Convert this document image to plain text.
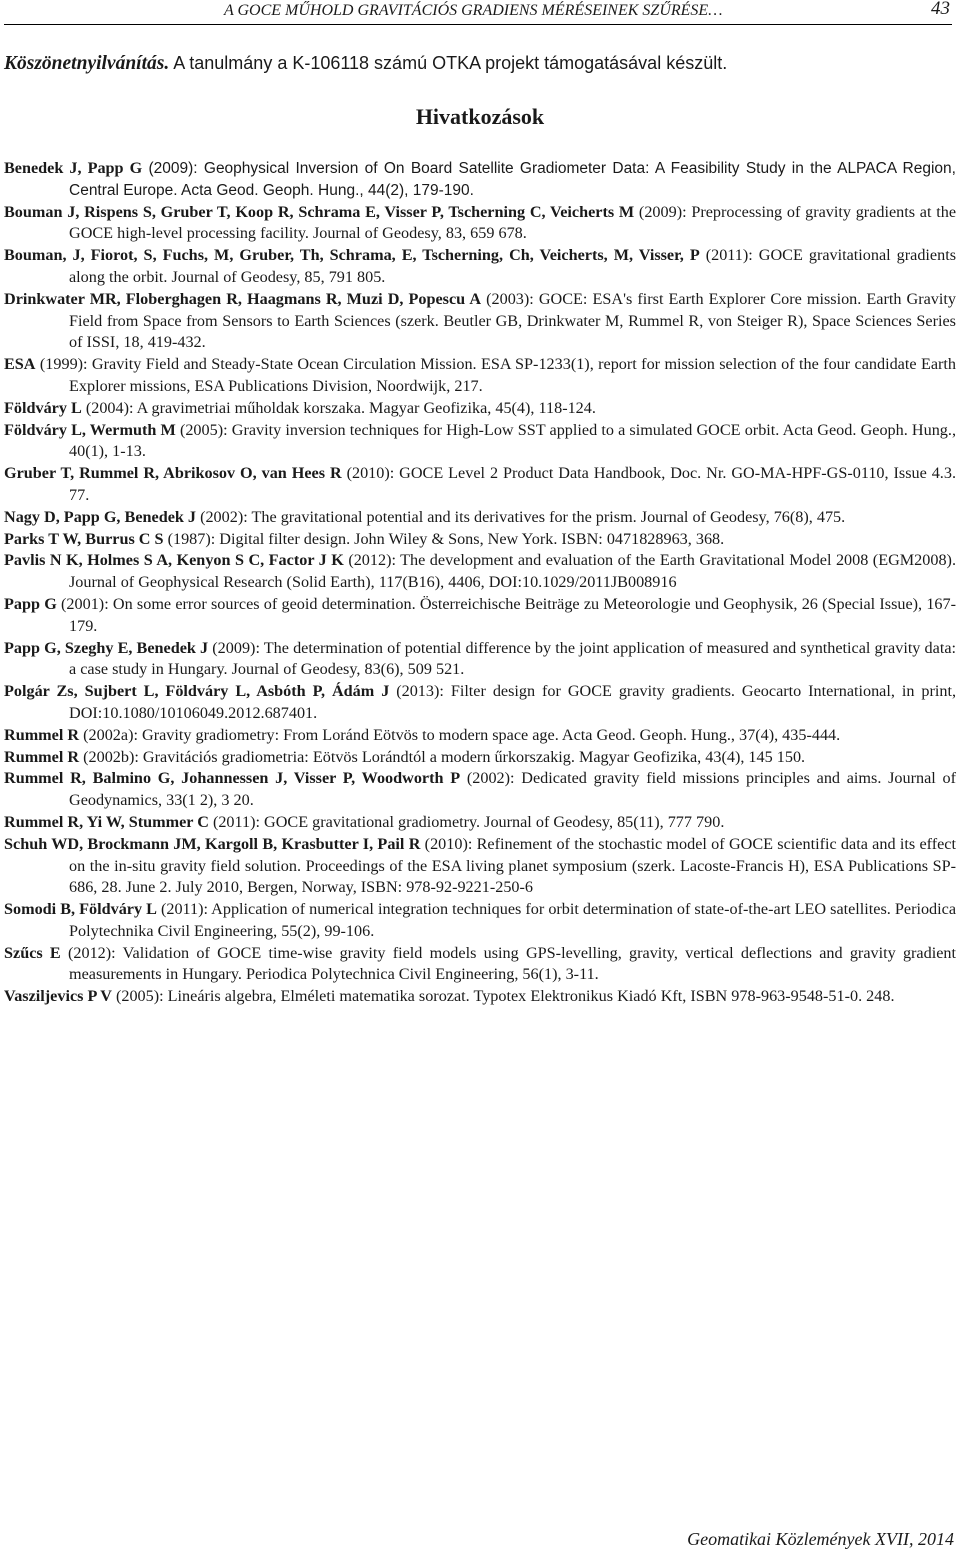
A GOCE MŰHOLD GRAVITÁCIÓS GRADIENS MÉRÉSEINEK SZŰRÉSE…	43
Köszönetnyilvánítás. A tanulmány a K-106118 számú OTKA projekt támogatásával készült.
Hivatkozások

Benedek J, Papp G (2009): Geophysical Inversion of On Board Satellite Gradiometer Data: A Feasibility Study in the ALPACA Region, Central Europe. Acta Geod. Geoph. Hung., 44(2), 179-190.

Bouman J, Rispens S, Gruber T, Koop R, Schrama E, Visser P, Tscherning C, Veicherts M (2009): Preprocessing of gravity gradients at the GOCE high-level processing facility. Journal of Geodesy, 83, 659 678.

Bouman, J, Fiorot, S, Fuchs, M, Gruber, Th, Schrama, E, Tscherning, Ch, Veicherts, M, Visser, P (2011): GOCE gravitational gradients along the orbit. Journal of Geodesy, 85, 791 805.

Drinkwater MR, Floberghagen R, Haagmans R, Muzi D, Popescu A (2003): GOCE: ESA's first Earth Explorer Core mission. Earth Gravity Field from Space from Sensors to Earth Sciences (szerk. Beutler GB, Drinkwater M, Rummel R, von Steiger R), Space Sciences Series of ISSI, 18, 419-432.

ESA (1999): Gravity Field and Steady-State Ocean Circulation Mission. ESA SP-1233(1), report for mission selection of the four candidate Earth Explorer missions, ESA Publications Division, Noordwijk, 217.

Földváry L (2004): A gravimetriai műholdak korszaka. Magyar Geofizika, 45(4), 118-124.

Földváry L, Wermuth M (2005): Gravity inversion techniques for High-Low SST applied to a simulated GOCE orbit. Acta Geod. Geoph. Hung., 40(1), 1-13.

Gruber T, Rummel R, Abrikosov O, van Hees R (2010): GOCE Level 2 Product Data Handbook, Doc. Nr. GO-MA-HPF-GS-0110, Issue 4.3. 77.

Nagy D, Papp G, Benedek J (2002): The gravitational potential and its derivatives for the prism. Journal of Geodesy, 76(8), 475.

Parks T W, Burrus C S (1987): Digital filter design. John Wiley & Sons, New York. ISBN: 0471828963, 368.

Pavlis N K, Holmes S A, Kenyon S C, Factor J K (2012): The development and evaluation of the Earth Gravitational Model 2008 (EGM2008). Journal of Geophysical Research (Solid Earth), 117(B16), 4406, DOI:10.1029/2011JB008916

Papp G (2001): On some error sources of geoid determination. Österreichische Beiträge zu Meteorologie und Geophysik, 26 (Special Issue), 167-179.

Papp G, Szeghy E, Benedek J (2009): The determination of potential difference by the joint application of measured and synthetical gravity data: a case study in Hungary. Journal of Geodesy, 83(6), 509 521.

Polgár Zs, Sujbert L, Földváry L, Asbóth P, Ádám J (2013): Filter design for GOCE gravity gradients. Geocarto International, in print, DOI:10.1080/10106049.2012.687401.

Rummel R (2002a): Gravity gradiometry: From Loránd Eötvös to modern space age. Acta Geod. Geoph. Hung., 37(4), 435-444.

Rummel R (2002b): Gravitációs gradiometria: Eötvös Lorándtól a modern űrkorszakig. Magyar Geofizika, 43(4), 145 150.

Rummel R, Balmino G, Johannessen J, Visser P, Woodworth P (2002): Dedicated gravity field missions principles and aims. Journal of Geodynamics, 33(1 2), 3 20.

Rummel R, Yi W, Stummer C (2011): GOCE gravitational gradiometry. Journal of Geodesy, 85(11), 777 790.

Schuh WD, Brockmann JM, Kargoll B, Krasbutter I, Pail R (2010): Refinement of the stochastic model of GOCE scientific data and its effect on the in-situ gravity field solution. Proceedings of the ESA living planet symposium (szerk. Lacoste-Francis H), ESA Publications SP-686, 28. June 2. July 2010, Bergen, Norway, ISBN: 978-92-9221-250-6

Somodi B, Földváry L (2011): Application of numerical integration techniques for orbit determination of state-of-the-art LEO satellites. Periodica Polytechnika Civil Engineering, 55(2), 99-106.

Szűcs E (2012): Validation of GOCE time-wise gravity field models using GPS-levelling, gravity, vertical deflections and gravity gradient measurements in Hungary. Periodica Polytechnica Civil Engineering, 56(1), 3-11.

Vaszilјevics P V (2005): Lineáris algebra, Elméleti matematika sorozat. Typotex Elektronikus Kiadó Kft, ISBN 978-963-9548-51-0. 248.

Geomatikai Közlemények XVII, 2014
